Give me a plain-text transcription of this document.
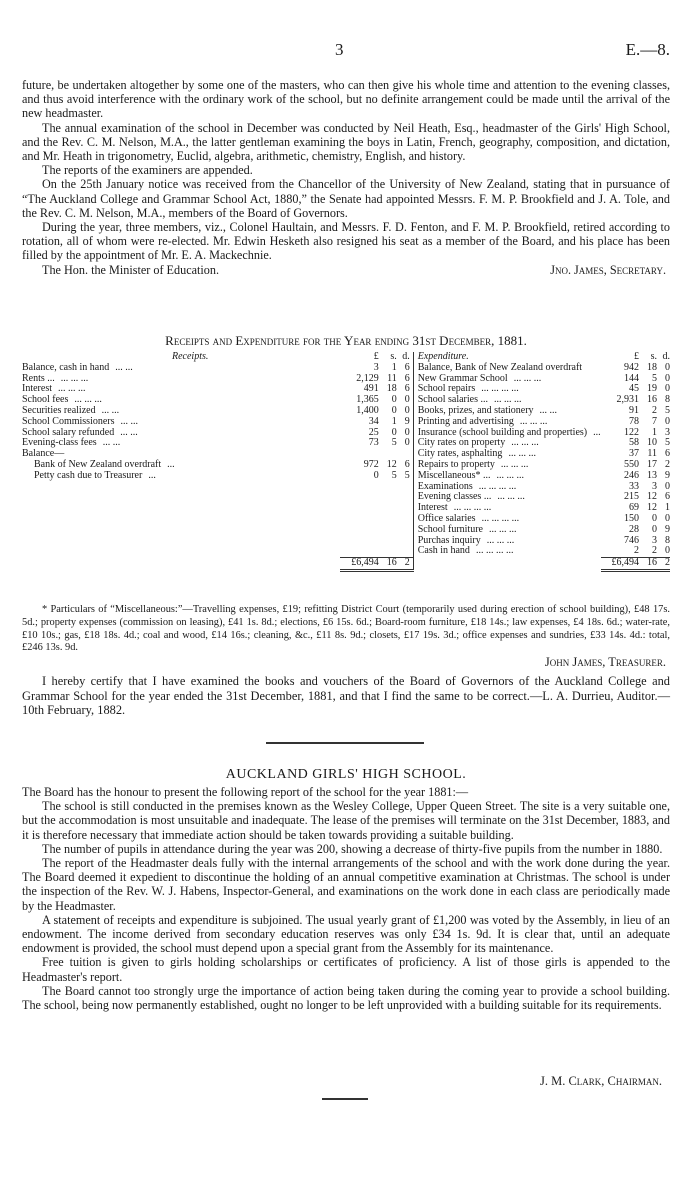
3	E.—8.

future, be undertaken altogether by some one of the masters, who can then give his whole time and attention to the evening classes, and thus avoid interference with the ordinary work of the school, but no definite arrangement could be made until the arrival of the new headmaster.

The annual examination of the school in December was conducted by Neil Heath, Esq., headmaster of the Girls' High School, and the Rev. C. M. Nelson, M.A., the latter gentleman examining the boys in Latin, French, geography, composition, and dictation, and Mr. Heath in trigonometry, Euclid, algebra, arithmetic, chemistry, English, and history.

The reports of the examiners are appended.

On the 25th January notice was received from the Chancellor of the University of New Zealand, stating that in pursuance of “The Auckland College and Grammar School Act, 1880,” the Senate had appointed Messrs. F. M. P. Brookfield and J. A. Tole, and the Rev. C. M. Nelson, M.A., members of the Board of Governors.

During the year, three members, viz., Colonel Haultain, and Messrs. F. D. Fenton, and F. M. P. Brookfield, retired according to rotation, all of whom were re-elected. Mr. Edwin Hesketh also resigned his seat as a member of the Board, and his place has been filled by the appointment of Mr. E. A. Mackechnie.

The Hon. the Minister of Education.	Jno. James, Secretary.
Receipts and Expenditure for the Year ending 31st December, 1881.
Receipts.	£ s. d.	Expenditure.	£ s. d.
Balance, cash in hand ... ...	3 1 6	Balance, Bank of New Zealand overdraft	942 18 0
Rents ... ... ... ...	2,129 11 6	New Grammar School ... ... ...	144 5 0
Interest ... ... ...	491 18 6	School repairs ... ... ... ...	45 19 0
School fees ... ... ...	1,365 0 0	School salaries ... ... ... ...	2,931 16 8
Securities realized ... ...	1,400 0 0	Books, prizes, and stationery ... ...	91 2 5
School Commissioners ... ...	34 1 9	Printing and advertising ... ... ...	78 7 0
School salary refunded ... ...	25 0 0	Insurance (school building and properties) ...	122 1 3
Evening-class fees ... ...	73 5 0	City rates on property ... ... ...	58 10 5
Balance—		City rates, asphalting ... ... ...	37 11 6
Bank of New Zealand overdraft ...	972 12 6	Repairs to property ... ... ...	550 17 2
Petty cash due to Treasurer ...	0 5 5	Miscellaneous* ... ... ... ...	246 13 9
		Examinations ... ... ... ...	33 3 0
		Evening classes ... ... ... ...	215 12 6
		Interest ... ... ... ...	69 12 1
		Office salaries ... ... ... ...	150 0 0
		School furniture ... ... ...	28 0 9
		Purchas inquiry ... ... ...	746 3 8
		Cash in hand ... ... ... ...	2 2 0
	£6,494 16 2		£6,494 16 2

* Particulars of “Miscellaneous:”—Travelling expenses, £19; refitting District Court (temporarily used during erection of school building), £48 17s. 5d.; property expenses (commission on leasing), £41 1s. 8d.; elections, £6 15s. 6d.; Board-room furniture, £18 14s.; law expenses, £4 18s. 6d.; water-rate, £10 10s.; gas, £18 18s. 4d.; coal and wood, £14 16s.; cleaning, &c., £11 8s. 9d.; closets, £17 19s. 3d.; office expenses and sundries, £33 14s. 4d.: total, £246 13s. 9d.

John James, Treasurer.

I hereby certify that I have examined the books and vouchers of the Board of Governors of the Auckland College and Grammar School for the year ended the 31st December, 1881, and that I find the same to be correct.—L. A. Durrieu, Auditor.—10th February, 1882.

AUCKLAND GIRLS' HIGH SCHOOL.

The Board has the honour to present the following report of the school for the year 1881:—

The school is still conducted in the premises known as the Wesley College, Upper Queen Street. The site is a very suitable one, but the accommodation is most unsuitable and inadequate. The lease of the premises will terminate on the 31st December, 1883, and it is therefore necessary that immediate action should be taken towards providing a suitable building.

The number of pupils in attendance during the year was 200, showing a decrease of thirty-five pupils from the number in 1880.

The report of the Headmaster deals fully with the internal arrangements of the school and with the work done during the year. The Board deemed it expedient to discontinue the holding of an annual competitive examination at Christmas. The school is under the inspection of the Rev. W. J. Habens, Inspector-General, and examinations on the work done in each class are periodically made by the Headmaster.

A statement of receipts and expenditure is subjoined. The usual yearly grant of £1,200 was voted by the Assembly, in lieu of an endowment. The income derived from secondary education reserves was only £34 1s. 9d. It is clear that, until an adequate endowment is provided, the school must depend upon a special grant from the Assembly for its maintenance.

Free tuition is given to girls holding scholarships or certificates of proficiency. A list of those girls is appended to the Headmaster's report.

The Board cannot too strongly urge the importance of action being taken during the coming year to provide a school building. The school, being now permanently established, ought no longer to be left unprovided with a building suitable for its requirements.

J. M. Clark, Chairman.
